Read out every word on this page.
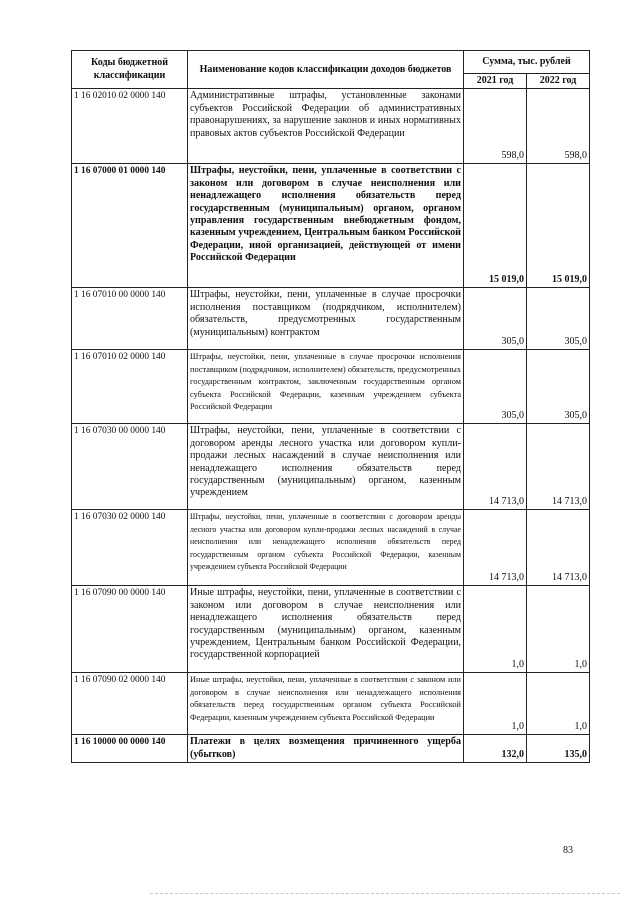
Коды бюджетной классификации	Наименование кодов классификации доходов бюджетов	Сумма, тыс. рублей	
		2021 год	2022 год
1 16 02010 02 0000 140	Административные штрафы, установленные законами субъектов Российской Федерации об административных правонарушениях, за нарушение законов и иных нормативных правовых актов субъектов Российской Федерации	598,0	598,0
1 16 07000 01 0000 140	Штрафы, неустойки, пени, уплаченные в соответствии с законом или договором в случае неисполнения или ненадлежащего исполнения обязательств перед государственным (муниципальным) органом, органом управления государственным внебюджетным фондом, казенным учреждением, Центральным банком Российской Федерации, иной организацией, действующей от имени Российской Федерации	15 019,0	15 019,0
1 16 07010 00 0000 140	Штрафы, неустойки, пени, уплаченные в случае просрочки исполнения поставщиком (подрядчиком, исполнителем) обязательств, предусмотренных государственным (муниципальным) контрактом	305,0	305,0
1 16 07010 02 0000 140	Штрафы, неустойки, пени, уплаченные в случае просрочки исполнения поставщиком (подрядчиком, исполнителем) обязательств, предусмотренных государственным контрактом, заключенным государственным органом субъекта Российской Федерации, казенным учреждением субъекта Российской Федерации	305,0	305,0
1 16 07030 00 0000 140	Штрафы, неустойки, пени, уплаченные в соответствии с договором аренды лесного участка или договором купли-продажи лесных насаждений в случае неисполнения или ненадлежащего исполнения обязательств перед государственным (муниципальным) органом, казенным учреждением	14 713,0	14 713,0
1 16 07030 02 0000 140	Штрафы, неустойки, пени, уплаченные в соответствии с договором аренды лесного участка или договором купли-продажи лесных насаждений в случае неисполнения или ненадлежащего исполнения обязательств перед государственным органом субъекта Российской Федерации, казенным учреждением субъекта Российской Федерации	14 713,0	14 713,0
1 16 07090 00 0000 140	Иные штрафы, неустойки, пени, уплаченные в соответствии с законом или договором в случае неисполнения или ненадлежащего исполнения обязательств перед государственным (муниципальным) органом, казенным учреждением, Центральным банком Российской Федерации, государственной корпорацией	1,0	1,0
1 16 07090 02 0000 140	Иные штрафы, неустойки, пени, уплаченные в соответствии с законом или договором в случае неисполнения или ненадлежащего исполнения обязательств перед государственным органом субъекта Российской Федерации, казенным учреждением субъекта Российской Федерации	1,0	1,0
1 16 10000 00 0000 140	Платежи в целях возмещения причиненного ущерба (убытков)	132,0	135,0
83
